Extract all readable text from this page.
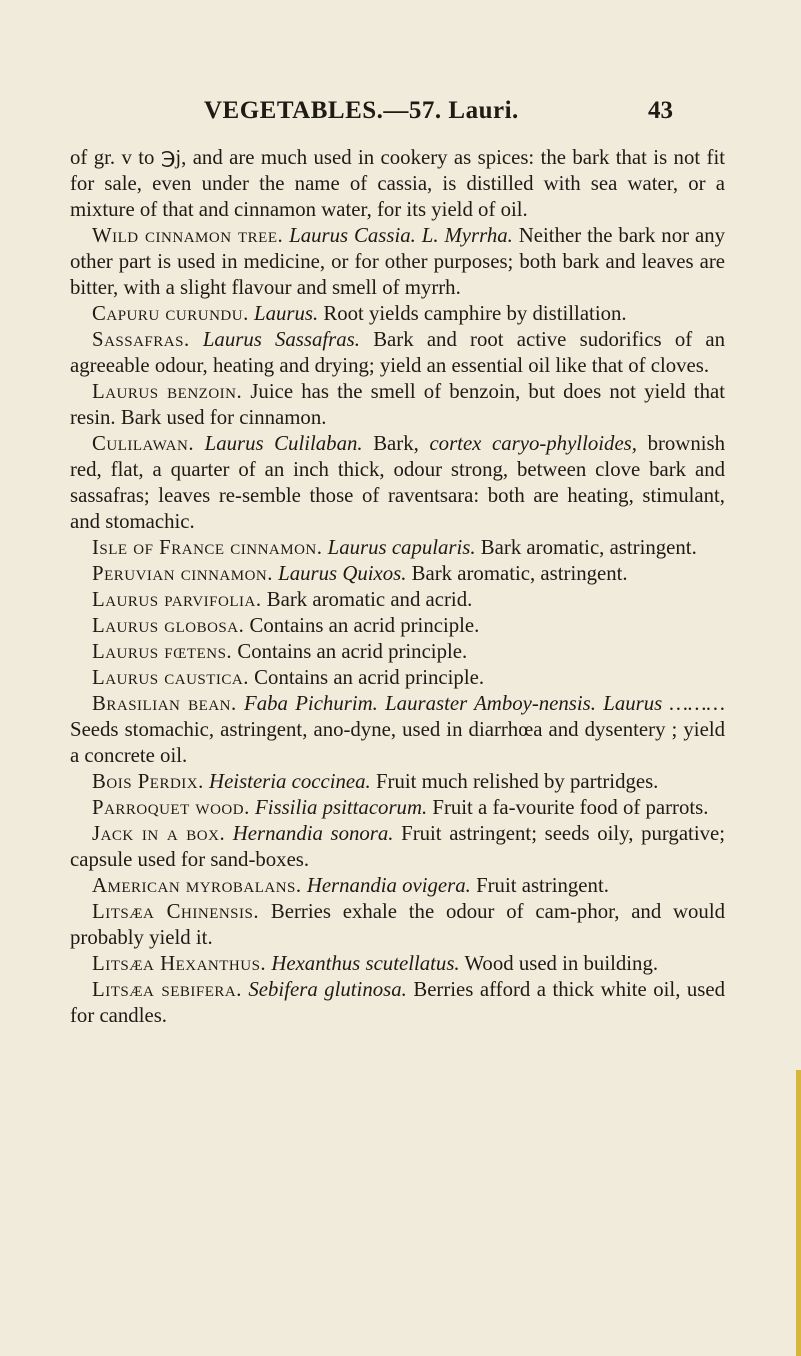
VEGETABLES.—57. Lauri.	43

of gr. v to ℈j, and are much used in cookery as spices: the bark that is not fit for sale, even under the name of cassia, is distilled with sea water, or a mixture of that and cinnamon water, for its yield of oil.

Wild cinnamon tree. Laurus Cassia. L. Myrrha. Neither the bark nor any other part is used in medicine, or for other purposes; both bark and leaves are bitter, with a slight flavour and smell of myrrh.

Capuru curundu. Laurus. Root yields camphire by distillation.

Sassafras. Laurus Sassafras. Bark and root active sudorifics of an agreeable odour, heating and drying; yield an essential oil like that of cloves.

Laurus benzoin. Juice has the smell of benzoin, but does not yield that resin. Bark used for cinnamon.

Culilawan. Laurus Culilaban. Bark, cortex caryo-phylloides, brownish red, flat, a quarter of an inch thick, odour strong, between clove bark and sassafras; leaves re-semble those of raventsara: both are heating, stimulant, and stomachic.

Isle of France cinnamon. Laurus capularis. Bark aromatic, astringent.

Peruvian cinnamon. Laurus Quixos. Bark aromatic, astringent.

Laurus parvifolia. Bark aromatic and acrid.

Laurus globosa. Contains an acrid principle.

Laurus fœtens. Contains an acrid principle.

Laurus caustica. Contains an acrid principle.

Brasilian bean. Faba Pichurim. Lauraster Amboy-nensis. Laurus ……… Seeds stomachic, astringent, ano-dyne, used in diarrhœa and dysentery ; yield a concrete oil.

Bois Perdix. Heisteria coccinea. Fruit much relished by partridges.

Parroquet wood. Fissilia psittacorum. Fruit a fa-vourite food of parrots.

Jack in a box. Hernandia sonora. Fruit astringent; seeds oily, purgative; capsule used for sand-boxes.

American myrobalans. Hernandia ovigera. Fruit astringent.

Litsæa Chinensis. Berries exhale the odour of cam-phor, and would probably yield it.

Litsæa Hexanthus. Hexanthus scutellatus. Wood used in building.

Litsæa sebifera. Sebifera glutinosa. Berries afford a thick white oil, used for candles.
